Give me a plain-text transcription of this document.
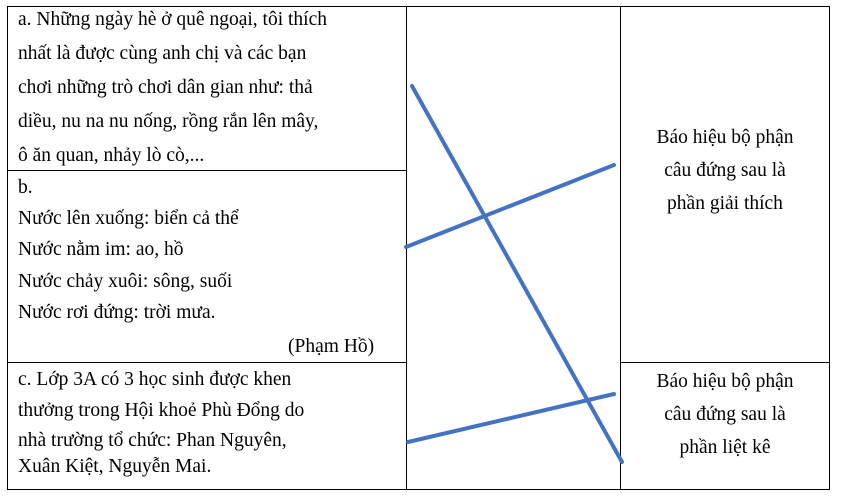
a. Những ngày hè ở quê ngoại, tôi thích
nhất là được cùng anh chị và các bạn
chơi những trò chơi dân gian như: thả
diều, nu na nu nống, rồng rắn lên mây,
ô ăn quan, nhảy lò cò,...
b.
Nước lên xuống: biển cả thể
Nước nằm im: ao, hồ
Nước chảy xuôi: sông, suối
Nước rơi đứng: trời mưa.
(Phạm Hồ)
c. Lớp 3A có 3 học sinh được khen
thưởng trong Hội khoẻ Phù Đổng do
nhà trường tổ chức: Phan Nguyên,
Xuân Kiệt, Nguyễn Mai.
Báo hiệu bộ phận
câu đứng sau là
phần giải thích
Báo hiệu bộ phận
câu đứng sau là
phần liệt kê
